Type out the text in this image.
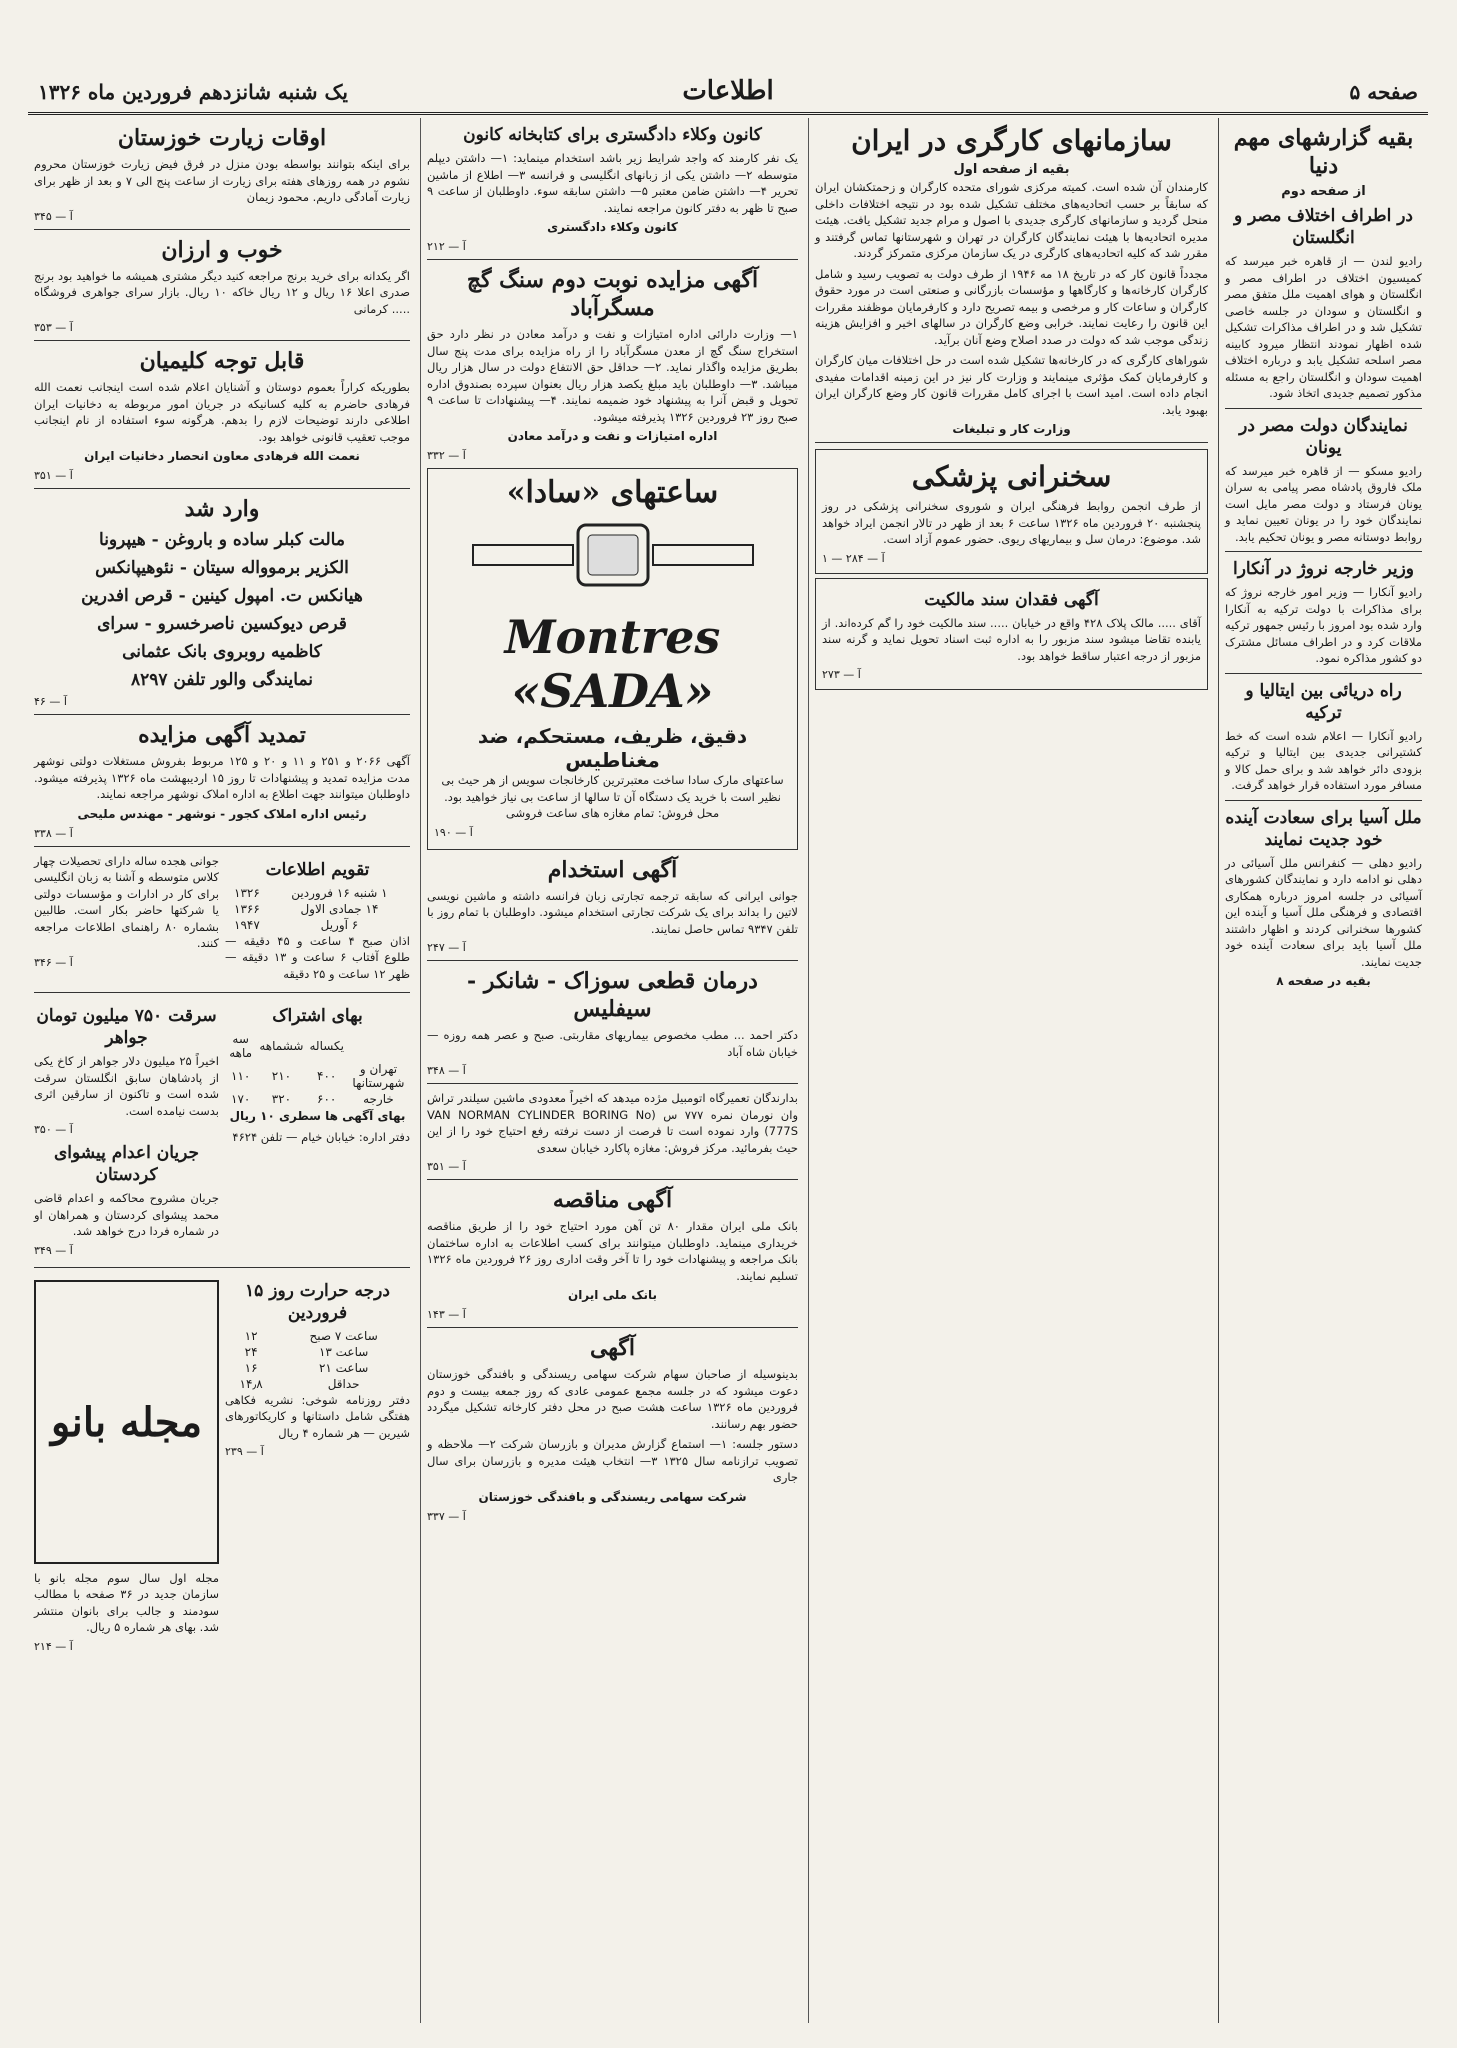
صفحه ۵
اطلاعات
یک شنبه شانزدهم فروردین ماه ۱۳۲۶
بقیه گزارشهای مهم دنیا
از صفحه دوم
در اطراف اختلاف مصر و انگلستان

رادیو لندن — از قاهره خبر میرسد که کمیسیون اختلاف در اطراف مصر و انگلستان و هوای اهمیت ملل متفق مصر و انگلستان و سودان در جلسه خاصی تشکیل شد و در اطراف مذاکرات تشکیل شده اظهار نمودند انتظار میرود کابینه مصر اسلحه تشکیل یابد و درباره اختلاف اهمیت سودان و انگلستان راجع به مسئله مذکور تصمیم جدیدی اتخاذ شود.

نمایندگان دولت مصر در یونان

رادیو مسکو — از قاهره خبر میرسد که ملک فاروق پادشاه مصر پیامی به سران یونان فرستاد و دولت مصر مایل است نمایندگان خود را در یونان تعیین نماید و روابط دوستانه مصر و یونان تحکیم یابد.

وزیر خارجه نروژ در آنکارا

رادیو آنکارا — وزیر امور خارجه نروژ که برای مذاکرات با دولت ترکیه به آنکارا وارد شده بود امروز با رئیس جمهور ترکیه ملاقات کرد و در اطراف مسائل مشترک دو کشور مذاکره نمود.

راه دریائی بین ایتالیا و ترکیه

رادیو آنکارا — اعلام شده است که خط کشتیرانی جدیدی بین ایتالیا و ترکیه بزودی دائر خواهد شد و برای حمل کالا و مسافر مورد استفاده قرار خواهد گرفت.

ملل آسیا برای سعادت آینده خود جدیت نمایند

رادیو دهلی — کنفرانس ملل آسیائی در دهلی نو ادامه دارد و نمایندگان کشورهای آسیائی در جلسه امروز درباره همکاری اقتصادی و فرهنگی ملل آسیا و آینده این کشورها سخنرانی کردند و اظهار داشتند ملل آسیا باید برای سعادت آینده خود جدیت نمایند.

بقیه در صفحه ۸
سازمانهای کارگری در ایران
بقیه از صفحه اول

کارمندان آن شده است. کمیته مرکزی شورای متحده کارگران و زحمتکشان ایران که سابقاً بر حسب اتحادیه‌های مختلف تشکیل شده بود در نتیجه اختلافات داخلی منحل گردید و سازمانهای کارگری جدیدی با اصول و مرام جدید تشکیل یافت. هیئت مدیره اتحادیه‌ها با هیئت نمایندگان کارگران در تهران و شهرستانها تماس گرفتند و مقرر شد که کلیه اتحادیه‌های کارگری در یک سازمان مرکزی متمرکز گردند.

مجدداً قانون کار که در تاریخ ۱۸ مه ۱۹۴۶ از طرف دولت به تصویب رسید و شامل کارگران کارخانه‌ها و کارگاهها و مؤسسات بازرگانی و صنعتی است در مورد حقوق کارگران و ساعات کار و مرخصی و بیمه تصریح دارد و کارفرمایان موظفند مقررات این قانون را رعایت نمایند. خرابی وضع کارگران در سالهای اخیر و افزایش هزینه زندگی موجب شد که دولت در صدد اصلاح وضع آنان برآید.

شوراهای کارگری که در کارخانه‌ها تشکیل شده است در حل اختلافات میان کارگران و کارفرمایان کمک مؤثری مینمایند و وزارت کار نیز در این زمینه اقدامات مفیدی انجام داده است. امید است با اجرای کامل مقررات قانون کار وضع کارگران ایران بهبود یابد.

وزارت کار و تبلیغات
سخنرانی پزشکی

از طرف انجمن روابط فرهنگی ایران و شوروی سخنرانی پزشکی در روز پنجشنبه ۲۰ فروردین ماه ۱۳۲۶ ساعت ۶ بعد از ظهر در تالار انجمن ایراد خواهد شد. موضوع: درمان سل و بیماریهای ریوی. حضور عموم آزاد است.

آ — ۲۸۴ — ۱
آگهی فقدان سند مالکیت

آقای ..... مالک پلاک ۴۲۸ واقع در خیابان ..... سند مالکیت خود را گم کرده‌اند. از یابنده تقاضا میشود سند مزبور را به اداره ثبت اسناد تحویل نماید و گرنه سند مزبور از درجه اعتبار ساقط خواهد بود.

آ — ۲۷۳
کانون وکلاء دادگستری برای کتابخانه کانون

یک نفر کارمند که واجد شرایط زیر باشد استخدام مینماید: ۱— داشتن دیپلم متوسطه ۲— داشتن یکی از زبانهای انگلیسی و فرانسه ۳— اطلاع از ماشین تحریر ۴— داشتن ضامن معتبر ۵— داشتن سابقه سوء. داوطلبان از ساعت ۹ صبح تا ظهر به دفتر کانون مراجعه نمایند.

کانون وکلاء دادگستری
آ — ۲۱۲
آگهی مزایده نوبت دوم سنگ گچ مسگرآباد

۱— وزارت دارائی اداره امتیازات و نفت و درآمد معادن در نظر دارد حق استخراج سنگ گچ از معدن مسگرآباد را از راه مزایده برای مدت پنج سال بطریق مزایده واگذار نماید. ۲— حداقل حق الانتفاع دولت در سال هزار ریال میباشد. ۳— داوطلبان باید مبلغ یکصد هزار ریال بعنوان سپرده بصندوق اداره تحویل و قبض آنرا به پیشنهاد خود ضمیمه نمایند. ۴— پیشنهادات تا ساعت ۹ صبح روز ۲۳ فروردین ۱۳۲۶ پذیرفته میشود.

اداره امتیازات و نفت و درآمد معادن
آ — ۳۳۲
ساعتهای «سادا»
Montres «SADA»
دقیق، ظریف، مستحکم، ضد مغناطیس

ساعتهای مارک سادا ساخت معتبرترین کارخانجات سویس از هر حیث بی نظیر است با خرید یک دستگاه آن تا سالها از ساعت بی نیاز خواهید بود. محل فروش: تمام مغازه های ساعت فروشی

آ — ۱۹۰
آگهی استخدام

جوانی ایرانی که سابقه ترجمه تجارتی زبان فرانسه داشته و ماشین نویسی لاتین را بداند برای یک شرکت تجارتی استخدام میشود. داوطلبان با تمام روز با تلفن ۹۳۴۷ تماس حاصل نمایند.

آ — ۲۴۷
درمان قطعی سوزاک - شانکر - سیفلیس

دکتر احمد ... مطب مخصوص بیماریهای مقاربتی. صبح و عصر همه روزه — خیابان شاه آباد

آ — ۳۴۸

بدارندگان تعمیرگاه اتومبیل مژده میدهد که اخیراً معدودی ماشین سیلندر تراش وان نورمان نمره ۷۷۷ س (VAN NORMAN CYLINDER BORING No 777S) وارد نموده است تا فرصت از دست نرفته رفع احتیاج خود را از این حیث بفرمائید. مرکز فروش: مغازه پاکارد خیابان سعدی

آ — ۳۵۱
آگهی مناقصه

بانک ملی ایران مقدار ۸۰ تن آهن مورد احتیاج خود را از طریق مناقصه خریداری مینماید. داوطلبان میتوانند برای کسب اطلاعات به اداره ساختمان بانک مراجعه و پیشنهادات خود را تا آخر وقت اداری روز ۲۶ فروردین ماه ۱۳۲۶ تسلیم نمایند.

بانک ملی ایران
آ — ۱۴۳
آگهی

بدینوسیله از صاحبان سهام شرکت سهامی ریسندگی و بافندگی خوزستان دعوت میشود که در جلسه مجمع عمومی عادی که روز جمعه بیست و دوم فروردین ماه ۱۳۲۶ ساعت هشت صبح در محل دفتر کارخانه تشکیل میگردد حضور بهم رسانند.

دستور جلسه: ۱— استماع گزارش مدیران و بازرسان شرکت ۲— ملاحظه و تصویب ترازنامه سال ۱۳۲۵ ۳— انتخاب هیئت مدیره و بازرسان برای سال جاری

شرکت سهامی ریسندگی و بافندگی خوزستان
آ — ۳۳۷
اوقات زیارت خوزستان

برای اینکه بتوانند بواسطه بودن منزل در فرق فیض زیارت خوزستان محروم نشوم در همه روزهای هفته برای زیارت از ساعت پنج الی ۷ و بعد از ظهر برای زیارت آمادگی داریم. محمود زیمان

آ — ۳۴۵
خوب و ارزان

اگر یکدانه برای خرید برنج مراجعه کنید دیگر مشتری همیشه ما خواهید بود برنج صدری اعلا ۱۶ ریال و ۱۲ ریال خاکه ۱۰ ریال. بازار سرای جواهری فروشگاه ..... کرمانی

آ — ۳۵۳
قابل توجه کلیمیان

بطوریکه کراراً بعموم دوستان و آشنایان اعلام شده است اینجانب نعمت الله فرهادی حاضرم به کلیه کسانیکه در جریان امور مربوطه به دخانیات ایران اطلاعی دارند توضیحات لازم را بدهم. هرگونه سوء استفاده از نام اینجانب موجب تعقیب قانونی خواهد بود.

نعمت الله فرهادی معاون انحصار دخانیات ایران
آ — ۳۵۱
وارد شد
مالت کبلر ساده و باروغن - هیپرونا
الکزیر برموواله سیتان - نئوهیپانکس
هیانکس ت. امپول کینین - قرص افدرین
قرص دیوکسین ناصرخسرو - سرای
کاظمیه روبروی بانک عثمانی
نمایندگی والور تلفن ۸۲۹۷
آ — ۴۶
تمدید آگهی مزایده

آگهی ۲۰۶۶ و ۲۵۱ و ۱۱ و ۲۰ و ۱۲۵ مربوط بفروش مستغلات دولتی نوشهر مدت مزایده تمدید و پیشنهادات تا روز ۱۵ اردیبهشت ماه ۱۳۲۶ پذیرفته میشود. داوطلبان میتوانند جهت اطلاع به اداره املاک نوشهر مراجعه نمایند.

رئیس اداره املاک کجور - نوشهر - مهندس ملیحی
آ — ۳۳۸
تقویم اطلاعات
۱ شنبه ۱۶ فروردین	۱۳۲۶
۱۴ جمادی الاول	۱۳۶۶
۶ آوریل	۱۹۴۷

اذان صبح ۴ ساعت و ۴۵ دقیقه — طلوع آفتاب ۶ ساعت و ۱۳ دقیقه — ظهر ۱۲ ساعت و ۲۵ دقیقه

جوانی هجده ساله دارای تحصیلات چهار کلاس متوسطه و آشنا به زبان انگلیسی برای کار در ادارات و مؤسسات دولتی یا شرکتها حاضر بکار است. طالبین بشماره ۸۰ راهنمای اطلاعات مراجعه کنند.

آ — ۳۴۶
بهای اشتراک
	یکساله	ششماهه	سه ماهه
تهران و شهرستانها	۴۰۰	۲۱۰	۱۱۰
خارجه	۶۰۰	۳۲۰	۱۷۰
بهای آگهی ها سطری ۱۰ ریال

دفتر اداره: خیابان خیام — تلفن ۴۶۲۴

سرقت ۷۵۰ میلیون تومان جواهر

اخیراً ۲۵ میلیون دلار جواهر از کاخ یکی از پادشاهان سابق انگلستان سرقت شده است و تاکنون از سارقین اثری بدست نیامده است.

آ — ۳۵۰
جریان اعدام پیشوای کردستان

جریان مشروح محاکمه و اعدام قاضی محمد پیشوای کردستان و همراهان او در شماره فردا درج خواهد شد.

آ — ۳۴۹
درجه حرارت روز ۱۵ فروردین
ساعت ۷ صبح	۱۲
ساعت ۱۳	۲۴
ساعت ۲۱	۱۶
حداقل	۱۴٫۸

دفتر روزنامه شوخی: نشریه فکاهی هفتگی شامل داستانها و کاریکاتورهای شیرین — هر شماره ۴ ریال

آ — ۲۳۹
مجله بانو

مجله اول سال سوم مجله بانو با سازمان جدید در ۳۶ صفحه با مطالب سودمند و جالب برای بانوان منتشر شد. بهای هر شماره ۵ ریال.

آ — ۲۱۴
